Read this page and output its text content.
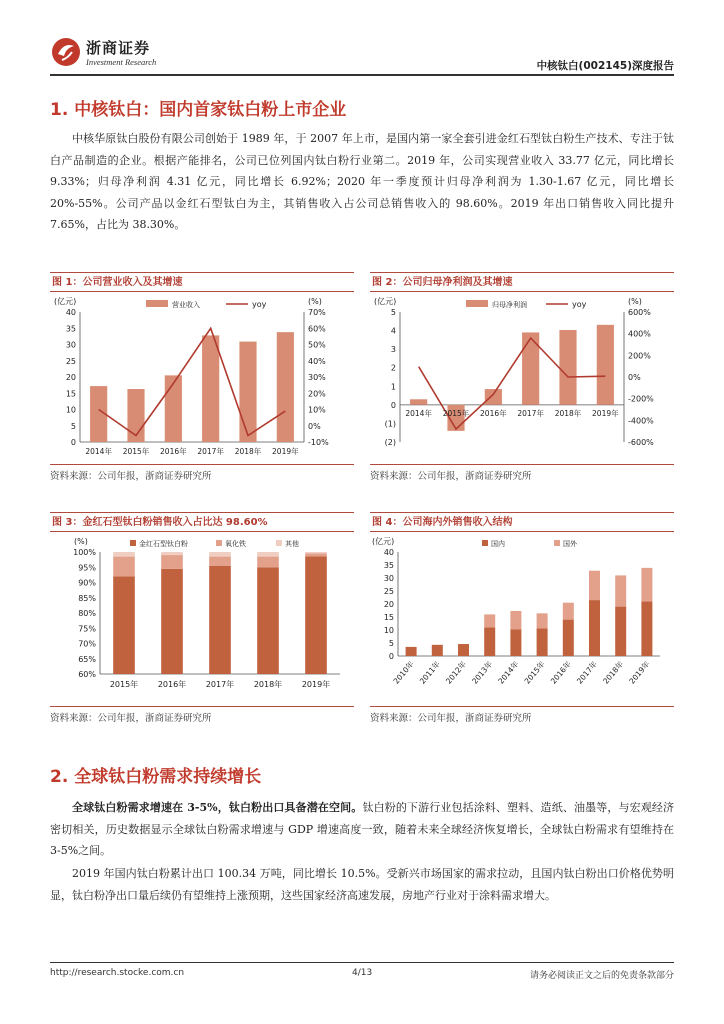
浙商证券
Investment Research	中核钛白(002145)深度报告
1. 中核钛白：国内首家钛白粉上市企业
中核华原钛白股份有限公司创始于 1989 年，于 2007 年上市，是国内第一家全套引进金红石型钛白粉生产技术、专注于钛白产品制造的企业。根据产能排名，公司已位列国内钛白粉行业第二。2019 年，公司实现营业收入 33.77 亿元，同比增长 9.33%；归母净利润 4.31 亿元，同比增长 6.92%；2020 年一季度预计归母净利润为 1.30-1.67 亿元，同比增长 20%-55%。公司产品以金红石型钛白为主，其销售收入占公司总销售收入的 98.60%。2019 年出口销售收入同比提升 7.65%，占比为 38.30%。
图 1：公司营业收入及其增速
(亿元)	(%)
0
5
10
15
20
25
30
35
40
-10%
0%
10%
20%
30%
40%
50%
60%
70%
2014年 2015年 2016年 2017年 2018年 2019年
营业收入	yoy
资料来源：公司年报，浙商证券研究所
图 2：公司归母净利润及其增速
(亿元)	(%)
(2)
(1)
0
1
2
3
4
5
-600%
-400%
-200%
0%
200%
400%
600%
2014年 2015年 2016年 2017年 2018年 2019年
归母净利润	yoy
资料来源：公司年报，浙商证券研究所
图 3：金红石型钛白粉销售收入占比达 98.60%
(%)
60%
65%
70%
75%
80%
85%
90%
95%
100%
2015年 2016年 2017年 2018年 2019年
金红石型钛白粉	氧化铁	其他
资料来源：公司年报，浙商证券研究所
图 4：公司海内外销售收入结构
(亿元)
0
5
10
15
20
25
30
35
40
2010年 2011年 2012年 2013年 2014年 2015年 2016年 2017年 2018年 2019年
国内	国外
资料来源：公司年报，浙商证券研究所
2. 全球钛白粉需求持续增长
全球钛白粉需求增速在 3-5%，钛白粉出口具备潜在空间。钛白粉的下游行业包括涂料、塑料、造纸、油墨等，与宏观经济密切相关，历史数据显示全球钛白粉需求增速与 GDP 增速高度一致，随着未来全球经济恢复增长，全球钛白粉需求有望维持在 3-5%之间。
2019 年国内钛白粉累计出口 100.34 万吨，同比增长 10.5%。受新兴市场国家的需求拉动，且国内钛白粉出口价格优势明显，钛白粉净出口量后续仍有望维持上涨预期，这些国家经济高速发展，房地产行业对于涂料需求增大。
http://research.stocke.com.cn	4/13	请务必阅读正文之后的免责条款部分
